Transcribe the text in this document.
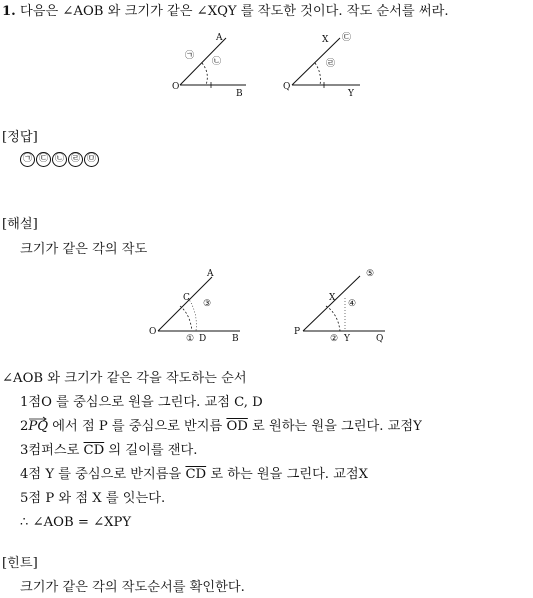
1. 다음은 ∠AOB 와 크기가 같은 ∠XQY 를 작도한 것이다. 작도 순서를 써라.
O
A
B
㉠
㉡
Q
X
Y
㉢
㉣
[정답]
㉠ ㉢ ㉡ ㉣ ㉤
[해설]
크기가 같은 각의 작도
O
A
B
C
D
①
③
P
X
Q
Y
②
④
⑤
∠AOB 와 크기가 같은 각을 작도하는 순서
1점O 를 중심으로 원을 그린다. 교점 C, D
2PQ
에서 점 P 를 중심으로 반지름 $\overline{OD}$ 로 원하는 원을 그린다. 교점Y
3컴퍼스로 $\overline{CD}$ 의 길이를 잰다.
4점 Y 를 중심으로 반지름을 $\overline{CD}$ 로 하는 원을 그린다. 교점X
5점 P 와 점 X 를 잇는다.
∴ ∠AOB = ∠XPY
[힌트]
크기가 같은 각의 작도순서를 확인한다.
